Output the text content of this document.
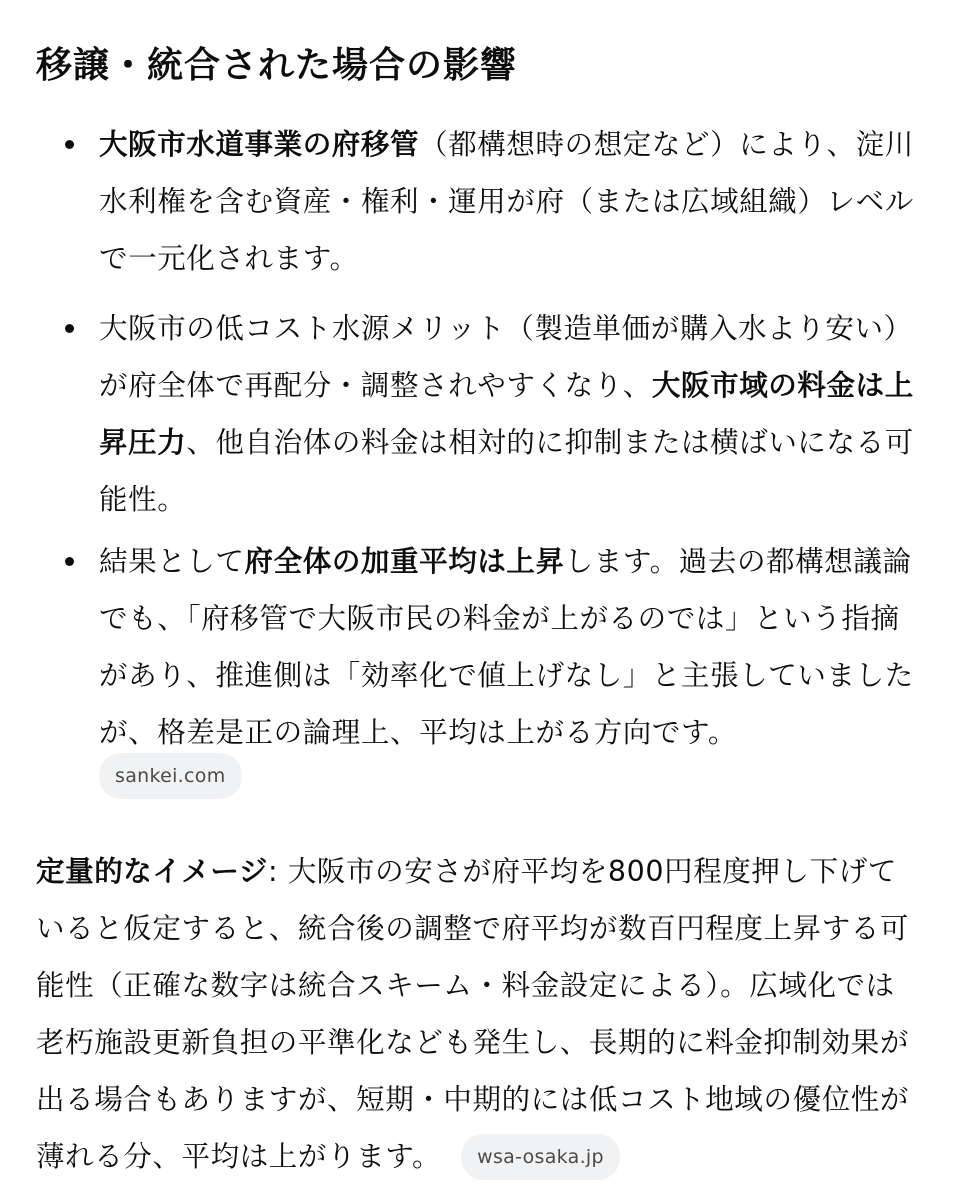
移譲・統合された場合の影響
大阪市水道事業の府移管（都構想時の想定など）により、淀川水利権を含む資産・権利・運用が府（または広域組織）レベルで一元化されます。
大阪市の低コスト水源メリット（製造単価が購入水より安い）が府全体で再配分・調整されやすくなり、大阪市域の料金は上昇圧力、他自治体の料金は相対的に抑制または横ばいになる可能性。
結果として府全体の加重平均は上昇します。過去の都構想議論でも、「府移管で大阪市民の料金が上がるのでは」という指摘があり、推進側は「効率化で値上げなし」と主張していましたが、格差是正の論理上、平均は上がる方向です。
sankei.com

定量的なイメージ: 大阪市の安さが府平均を800円程度押し下げていると仮定すると、統合後の調整で府平均が数百円程度上昇する可能性（正確な数字は統合スキーム・料金設定による）。広域化では老朽施設更新負担の平準化なども発生し、長期的に料金抑制効果が出る場合もありますが、短期・中期的には低コスト地域の優位性が薄れる分、平均は上がります。 wsa-osaka.jp
